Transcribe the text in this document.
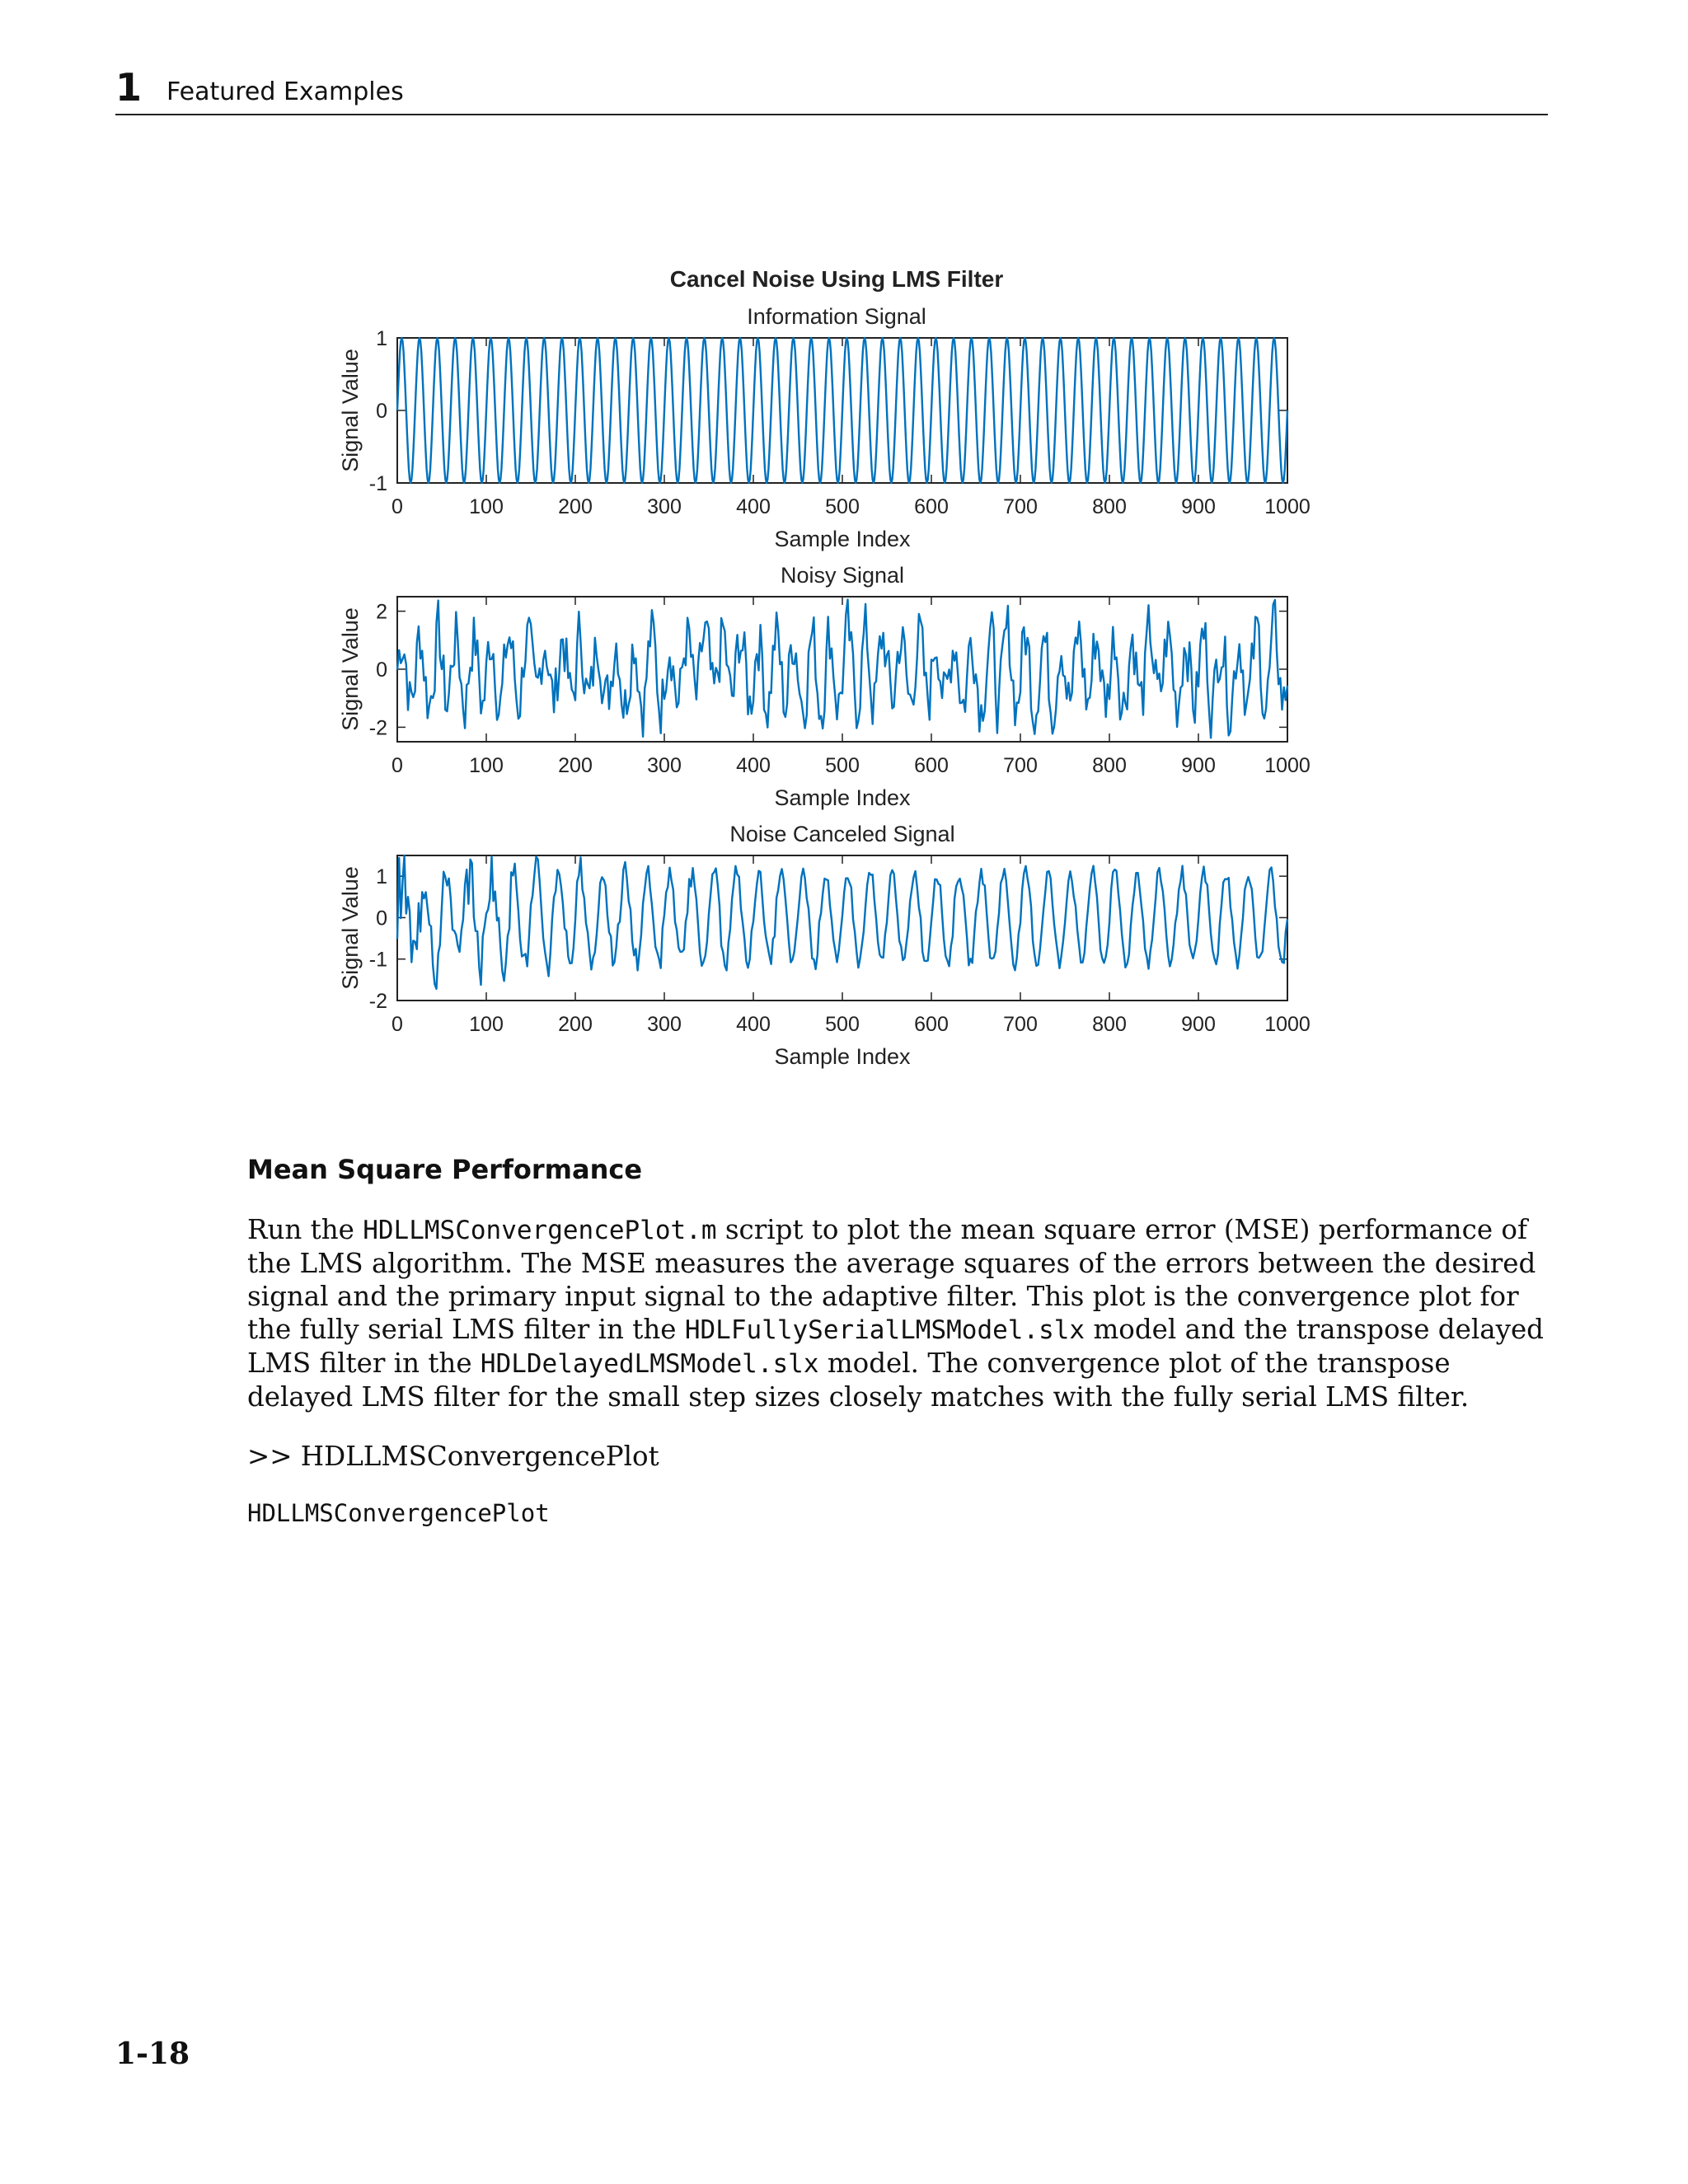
1 Featured Examples
Cancel Noise Using LMS Filter
Information Signal
0	100	200	300	400	500	600	700	800	900 1000
-1
0
1
Signal Value
Sample Index
Noisy Signal
0	100	200	300	400	500	600	700	800	900 1000
-2
0
2
Signal Value
Sample Index
Noise Canceled Signal
0	100	200	300	400	500	600	700	800	900 1000
-2
-1
0
1
Signal Value
Sample Index
Mean Square Performance

Run the HDLLMSConvergencePlot.m script to plot the mean square error (MSE) performance of the LMS algorithm. The MSE measures the average squares of the errors between the desired signal and the primary input signal to the adaptive filter. This plot is the convergence plot for the fully serial LMS filter in the HDLFullySerialLMSModel.slx model and the transpose delayed LMS filter in the HDLDelayedLMSModel.slx model. The convergence plot of the transpose delayed LMS filter for the small step sizes closely matches with the fully serial LMS filter.

>> HDLLMSConvergencePlot
HDLLMSConvergencePlot
1-18
